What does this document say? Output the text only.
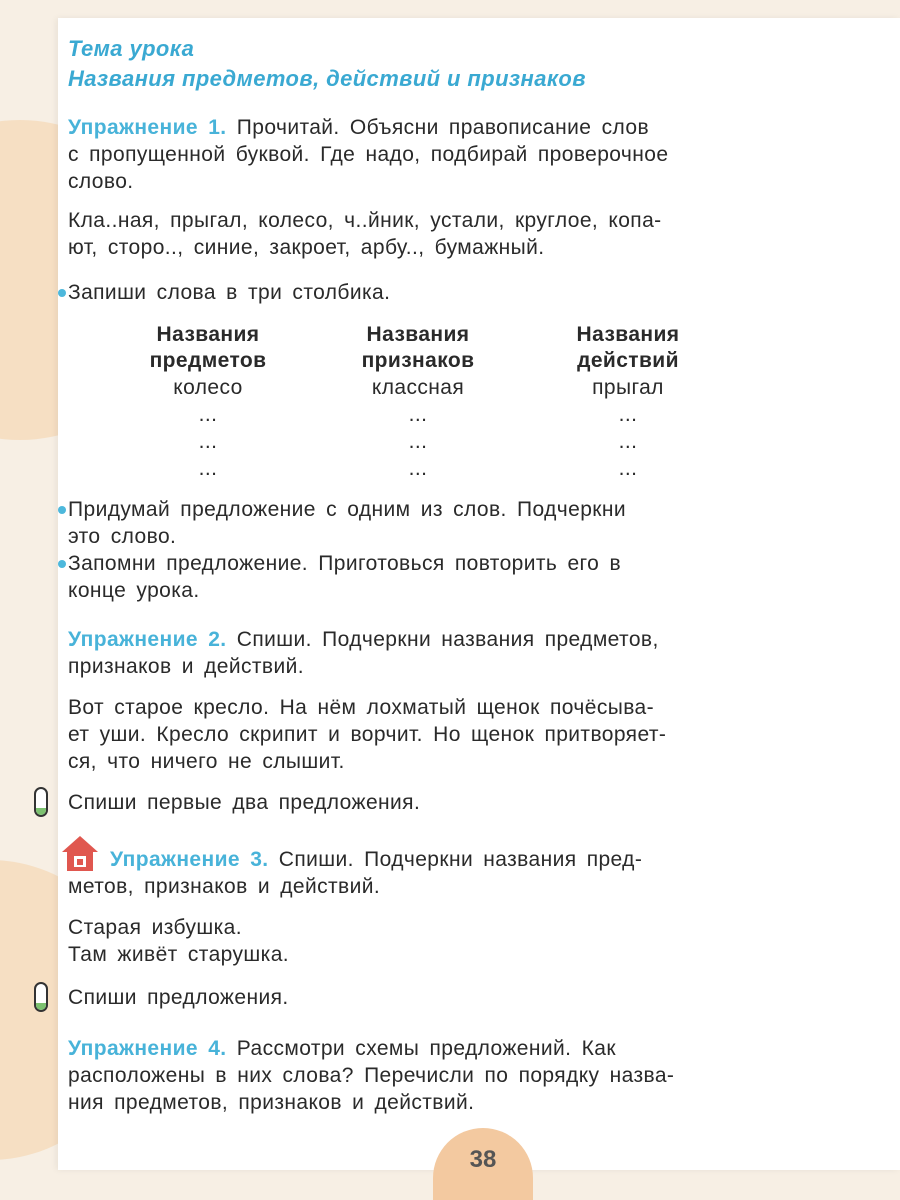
Тема урока
Названия предметов, действий и признаков

Упражнение 1. Прочитай. Объясни правописание слов

с пропущенной буквой. Где надо, подбирай проверочное

слово.

Кла..ная, прыгал, колесо, ч..йник, устали, круглое, копа-

ют, сторо.., синие, закроет, арбу.., бумажный.

Запиши слова в три столбика.

Названия
предметов
колесо
...
...
...
Названия
признаков
классная
...
...
...
Названия
действий
прыгал
...
...
...

Придумай предложение с одним из слов. Подчеркни

это слово.

Запомни предложение. Приготовься повторить его в

конце урока.

Упражнение 2. Спиши. Подчеркни названия предметов,

признаков и действий.

Вот старое кресло. На нём лохматый щенок почёсыва-

ет уши. Кресло скрипит и ворчит. Но щенок притворяет-

ся, что ничего не слышит.

Спиши первые два предложения.

Упражнение 3. Спиши. Подчеркни названия пред-

метов, признаков и действий.

Старая избушка.

Там живёт старушка.

Спиши предложения.

Упражнение 4. Рассмотри схемы предложений. Как

расположены в них слова? Перечисли по порядку назва-

ния предметов, признаков и действий.

38
